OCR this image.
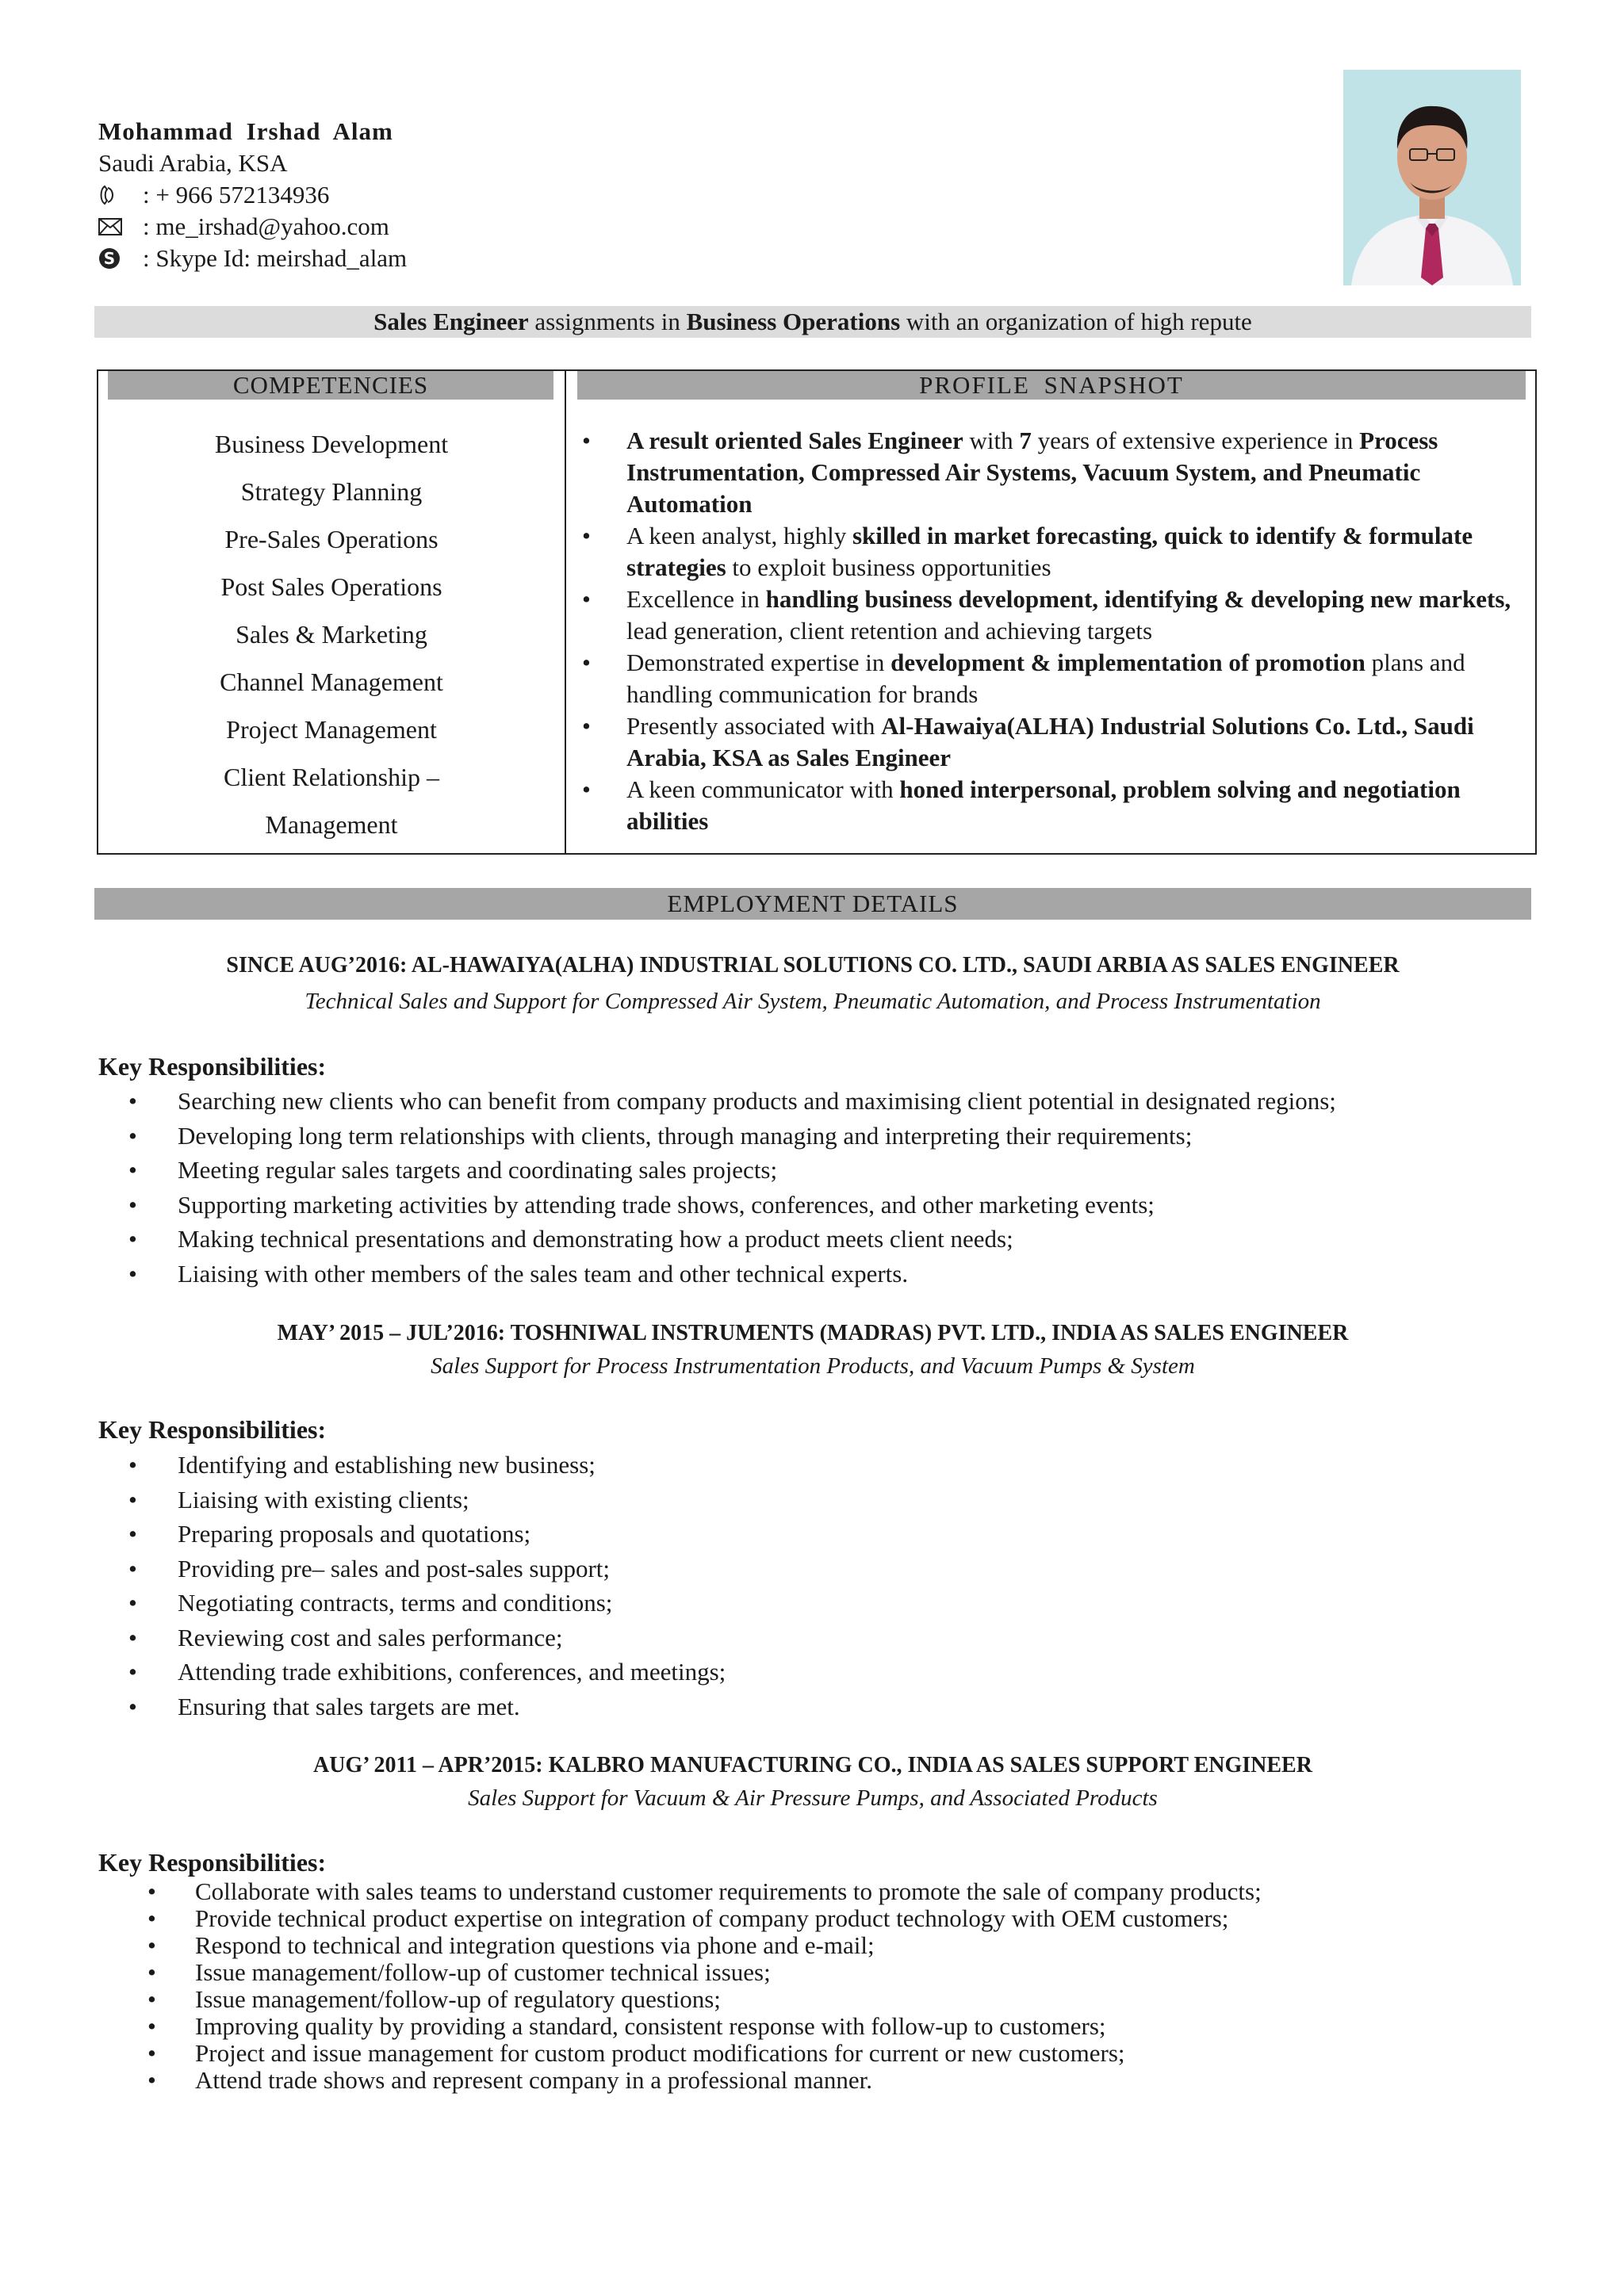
Mohammad Irshad Alam
Saudi Arabia, KSA
: + 966 572134936
: me_irshad@yahoo.com
S : Skype Id: meirshad_alam
Sales Engineer assignments in Business Operations with an organization of high repute
COMPETENCIES	PROFILE SNAPSHOT
Business Development
Strategy Planning
Pre-Sales Operations
Post Sales Operations
Sales & Marketing
Channel Management
Project Management
Client Relationship –
Management
• A result oriented Sales Engineer with 7 years of extensive experience in Process Instrumentation, Compressed Air Systems, Vacuum System, and Pneumatic Automation
• A keen analyst, highly skilled in market forecasting, quick to identify & formulate strategies to exploit business opportunities
• Excellence in handling business development, identifying & developing new markets, lead generation, client retention and achieving targets
• Demonstrated expertise in development & implementation of promotion plans and handling communication for brands
• Presently associated with Al-Hawaiya(ALHA) Industrial Solutions Co. Ltd., Saudi Arabia, KSA as Sales Engineer
• A keen communicator with honed interpersonal, problem solving and negotiation abilities
EMPLOYMENT DETAILS
SINCE AUG’2016: AL-HAWAIYA(ALHA) INDUSTRIAL SOLUTIONS CO. LTD., SAUDI ARBIA AS SALES ENGINEER
Technical Sales and Support for Compressed Air System, Pneumatic Automation, and Process Instrumentation
Key Responsibilities:
• Searching new clients who can benefit from company products and maximising client potential in designated regions;
• Developing long term relationships with clients, through managing and interpreting their requirements;
• Meeting regular sales targets and coordinating sales projects;
• Supporting marketing activities by attending trade shows, conferences, and other marketing events;
• Making technical presentations and demonstrating how a product meets client needs;
• Liaising with other members of the sales team and other technical experts.
MAY’ 2015 – JUL’2016: TOSHNIWAL INSTRUMENTS (MADRAS) PVT. LTD., INDIA AS SALES ENGINEER
Sales Support for Process Instrumentation Products, and Vacuum Pumps & System
Key Responsibilities:
• Identifying and establishing new business;
• Liaising with existing clients;
• Preparing proposals and quotations;
• Providing pre– sales and post-sales support;
• Negotiating contracts, terms and conditions;
• Reviewing cost and sales performance;
• Attending trade exhibitions, conferences, and meetings;
• Ensuring that sales targets are met.
AUG’ 2011 – APR’2015: KALBRO MANUFACTURING CO., INDIA AS SALES SUPPORT ENGINEER
Sales Support for Vacuum & Air Pressure Pumps, and Associated Products
Key Responsibilities:
• Collaborate with sales teams to understand customer requirements to promote the sale of company products;
• Provide technical product expertise on integration of company product technology with OEM customers;
• Respond to technical and integration questions via phone and e-mail;
• Issue management/follow-up of customer technical issues;
• Issue management/follow-up of regulatory questions;
• Improving quality by providing a standard, consistent response with follow-up to customers;
• Project and issue management for custom product modifications for current or new customers;
• Attend trade shows and represent company in a professional manner.
